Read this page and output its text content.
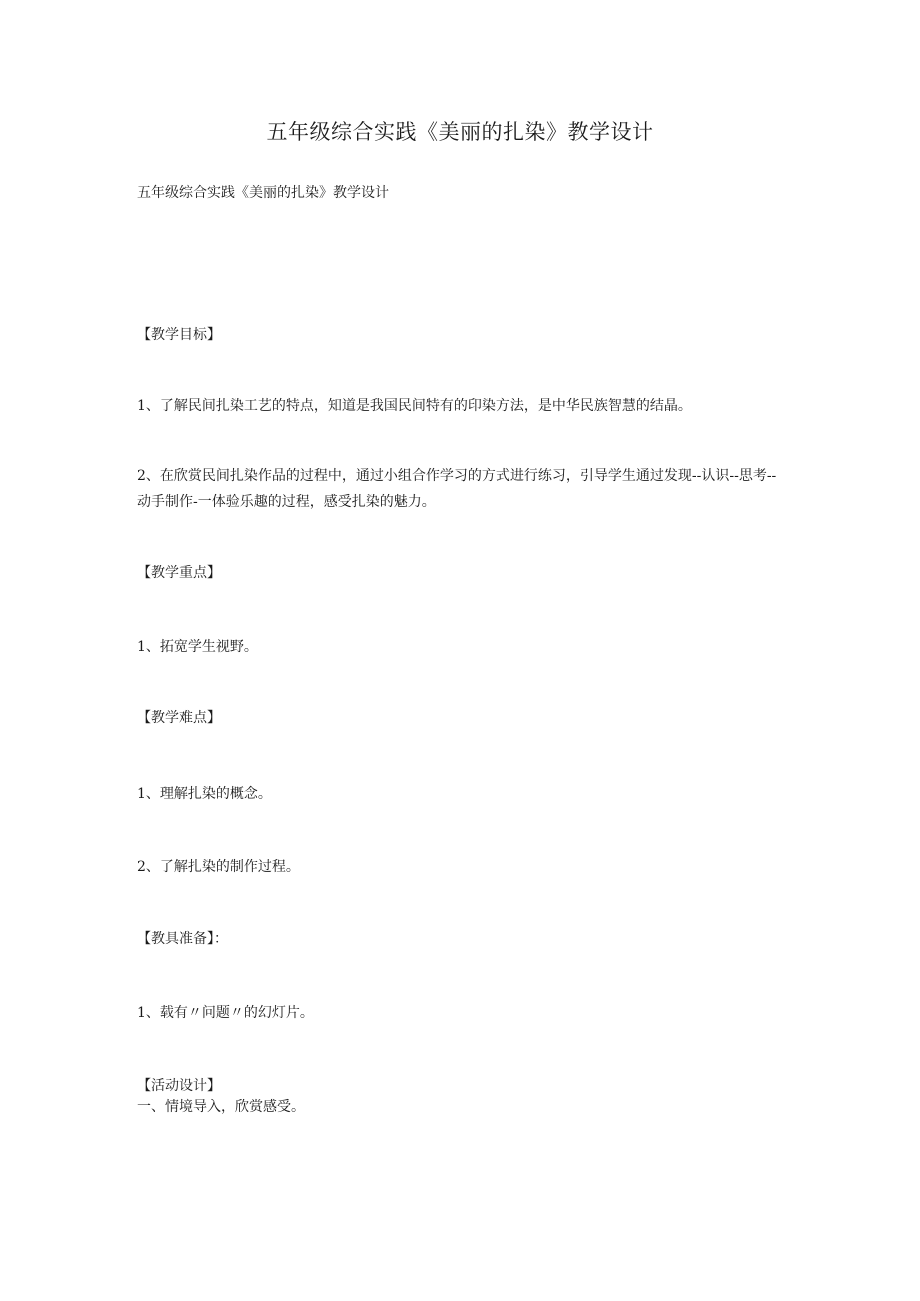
五年级综合实践《美丽的扎染》教学设计
五年级综合实践《美丽的扎染》教学设计
【教学目标】
1、了解民间扎染工艺的特点，知道是我国民间特有的印染方法，是中华民族智慧的结晶。
2、在欣赏民间扎染作品的过程中，通过小组合作学习的方式进行练习，引导学生通过发现--认识--思考--动手制作-一体验乐趣的过程，感受扎染的魅力。
【教学重点】
1、拓宽学生视野。
【教学难点】
1、理解扎染的概念。
2、了解扎染的制作过程。
【教具准备】：
1、载有〃问题〃的幻灯片。
【活动设计】
一、情境导入，欣赏感受。
